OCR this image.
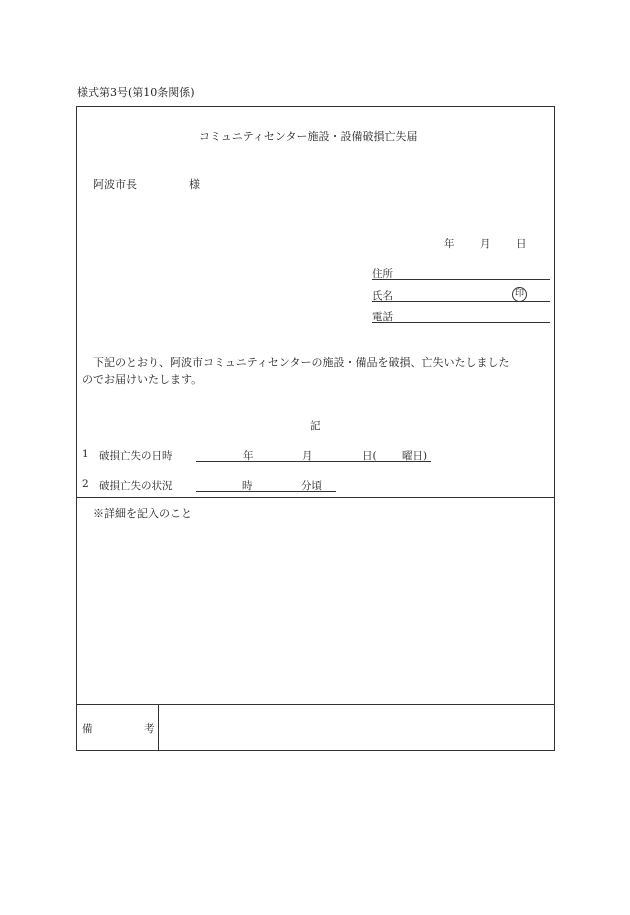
様式第3号(第10条関係)
コミュニティセンター施設・設備破損亡失届
阿波市長	様
年 月 日
住所
氏名	印
電話
下記のとおり、阿波市コミュニティセンターの施設・備品を破損、亡失いたしました
のでお届けいたします。
記
1 破損亡失の日時	年	月	日( 曜日)
2 破損亡失の状況	時	分頃
※詳細を記入のこと
備	考
